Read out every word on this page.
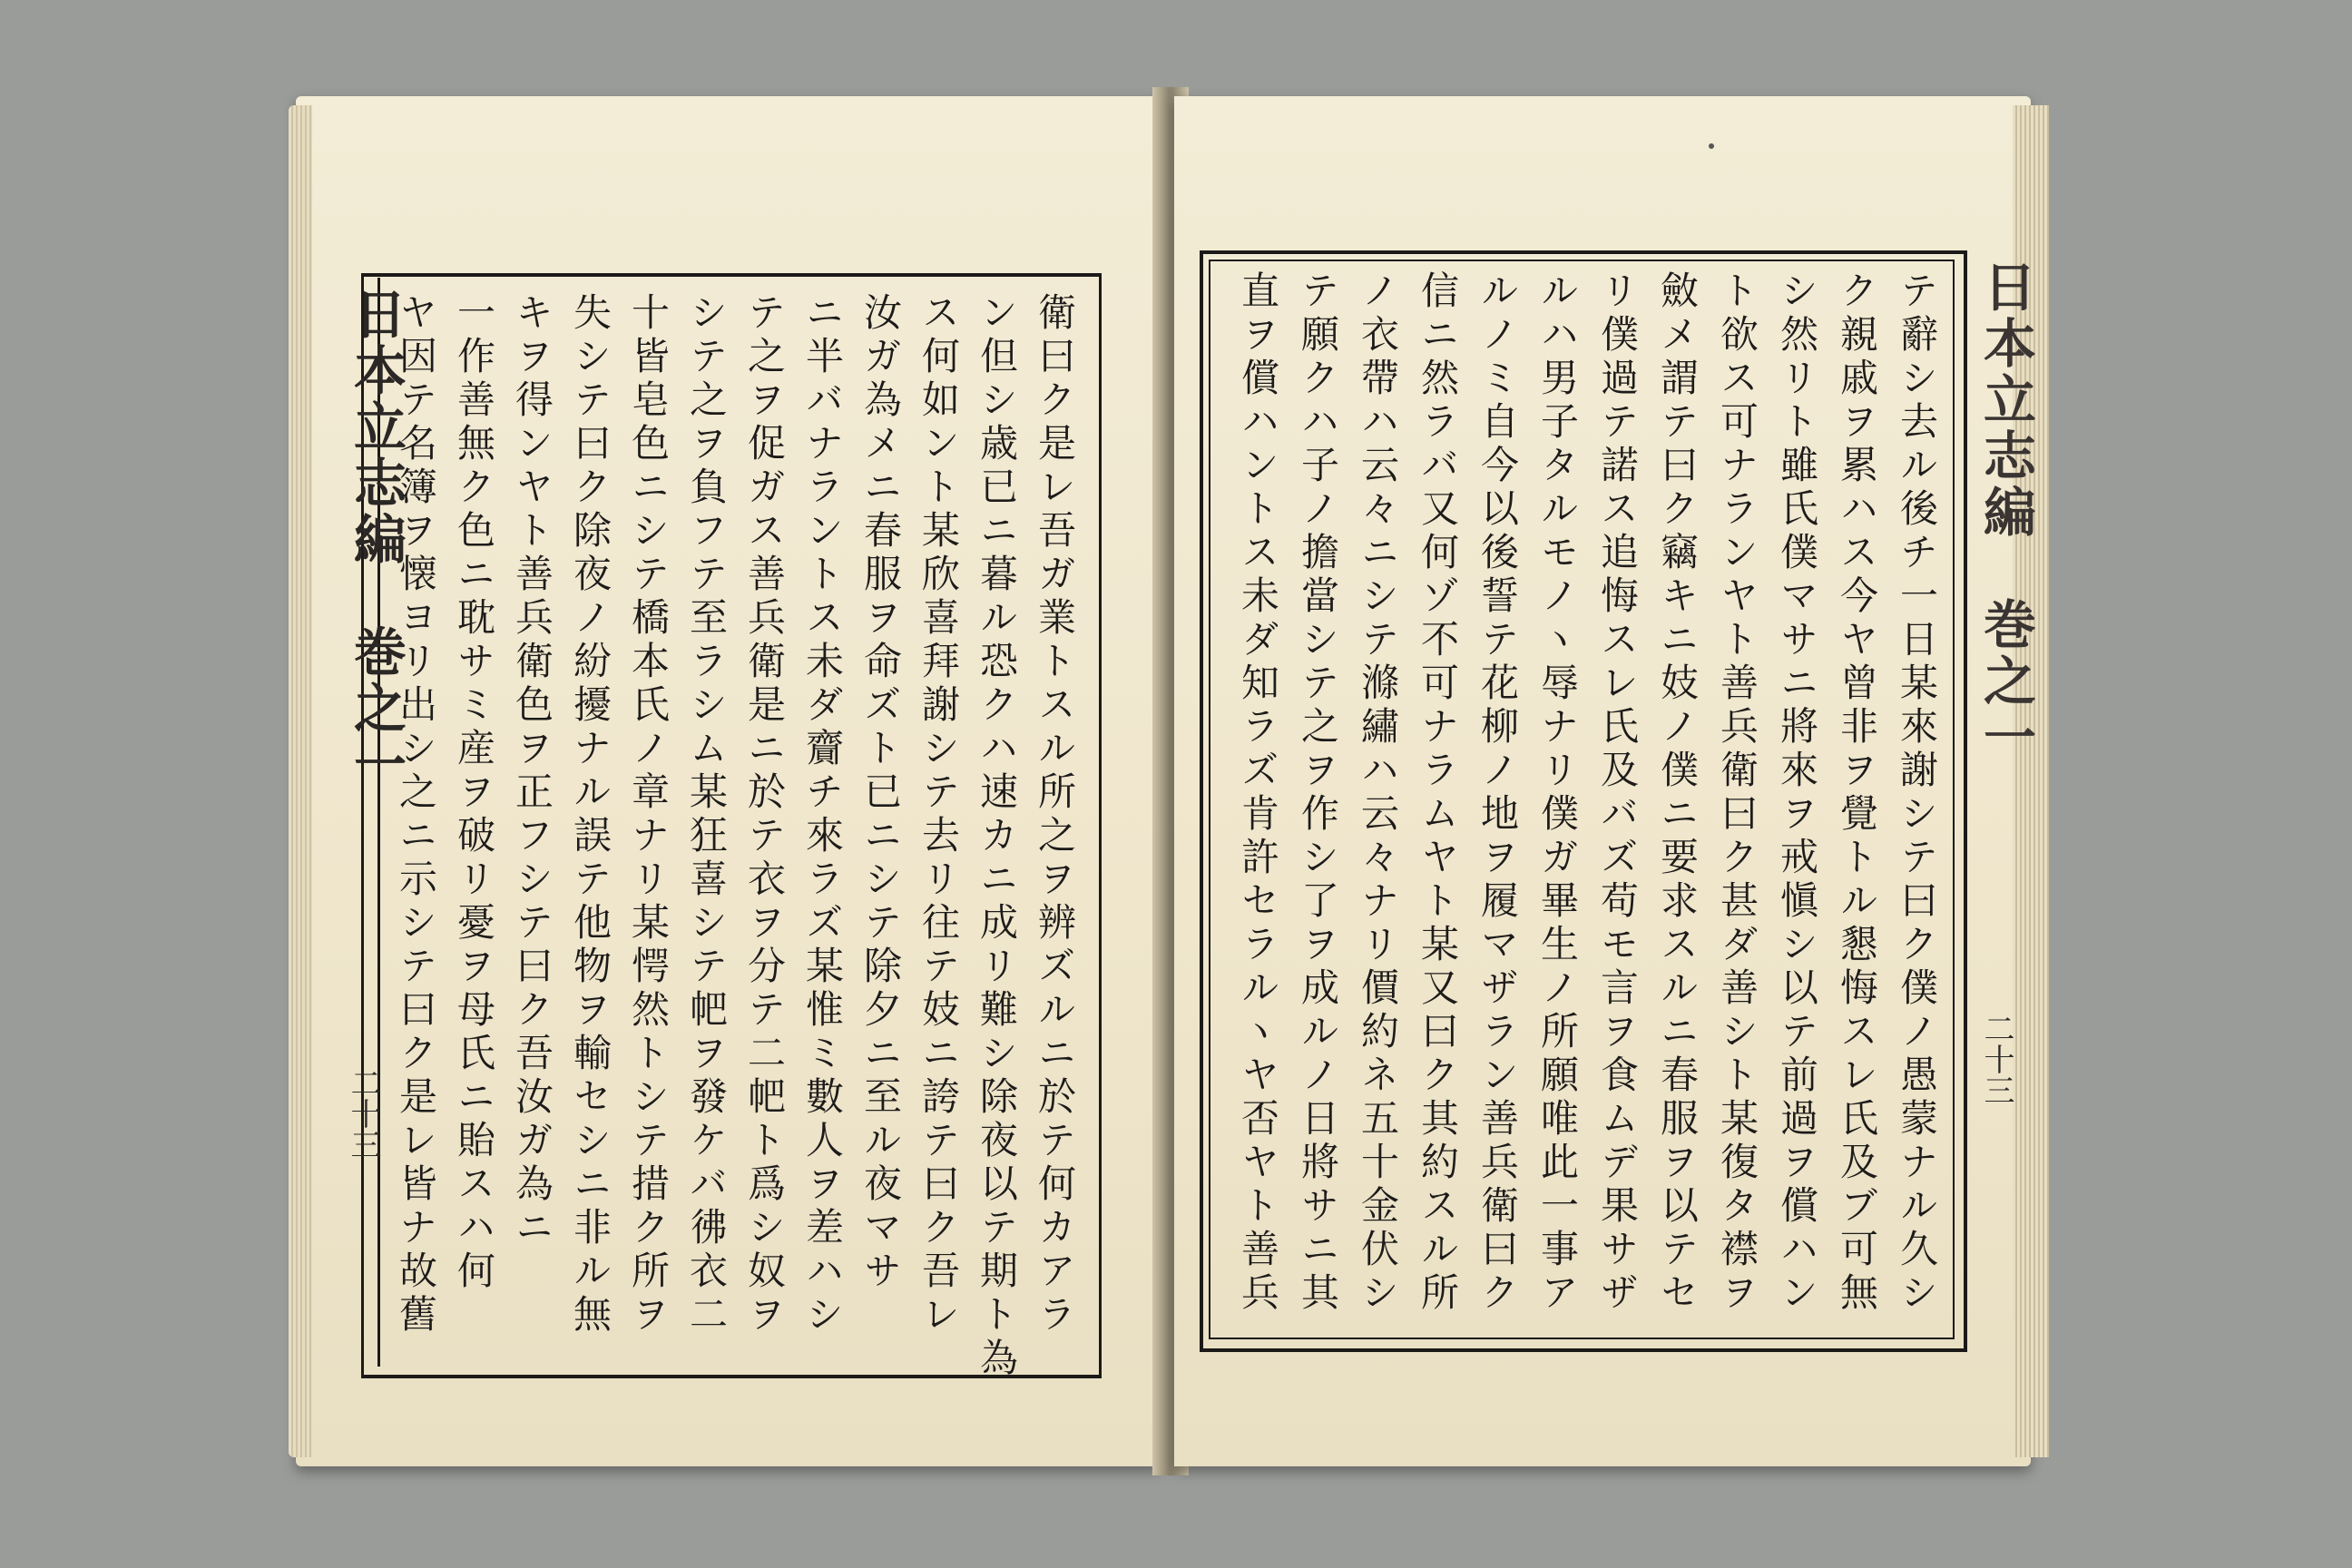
日本立志編　巻之一
二十三
日本立志編　巻之一
二十三
衛曰ク是レ吾ガ業トスル所之ヲ辨ズルニ於テ何カアラ
ン但シ歳已ニ暮ル恐クハ速カニ成リ難シ除夜以テ期ト為
ス何如ント某欣喜拜謝シテ去リ往テ妓ニ誇テ曰ク吾レ
汝ガ為メニ春服ヲ命ズト已ニシテ除夕ニ至ル夜マサ
ニ半バナラントス未ダ齎チ來ラズ某惟ミ數人ヲ差ハシ
テ之ヲ促ガス善兵衛是ニ於テ衣ヲ分テ二帊ト爲シ奴ヲ
シテ之ヲ負フテ至ラシム某狂喜シテ帊ヲ發ケバ彿衣二
十皆皂色ニシテ橋本氏ノ章ナリ某愕然トシテ措ク所ヲ
失シテ曰ク除夜ノ紛擾ナル誤テ他物ヲ輸セシニ非ル無
キヲ得ンヤト善兵衛色ヲ正フシテ曰ク吾汝ガ為ニ
一作善無ク色ニ耽サミ産ヲ破リ憂ヲ母氏ニ貽スハ何
ヤ因テ名簿ヲ懐ヨリ出シ之ニ示シテ曰ク是レ皆ナ故舊	テ辭シ去ル後チ一日某來謝シテ曰ク僕ノ愚蒙ナル久シ
ク親戚ヲ累ハス今ヤ曾非ヲ覺トル懇悔スレ氏及ブ可無
シ然リト雖氏僕マサニ將來ヲ戒愼シ以テ前過ヲ償ハン
ト欲ス可ナランヤト善兵衛曰ク甚ダ善シト某復タ襟ヲ
斂メ謂テ曰ク竊キニ妓ノ僕ニ要求スルニ春服ヲ以テセ
リ僕過テ諾ス追悔スレ氏及バズ苟モ言ヲ食ムデ果サザ
ルハ男子タルモノヽ辱ナリ僕ガ畢生ノ所願唯此一事ア
ルノミ自今以後誓テ花柳ノ地ヲ履マザラン善兵衛曰ク
信ニ然ラバ又何ゾ不可ナラムヤト某又曰ク其約スル所
ノ衣帶ハ云々ニシテ滌繡ハ云々ナリ價約ネ五十金伏シ
テ願クハ子ノ擔當シテ之ヲ作シ了ヲ成ルノ日將サニ其
直ヲ償ハントス未ダ知ラズ肯許セラルヽヤ否ヤト善兵
